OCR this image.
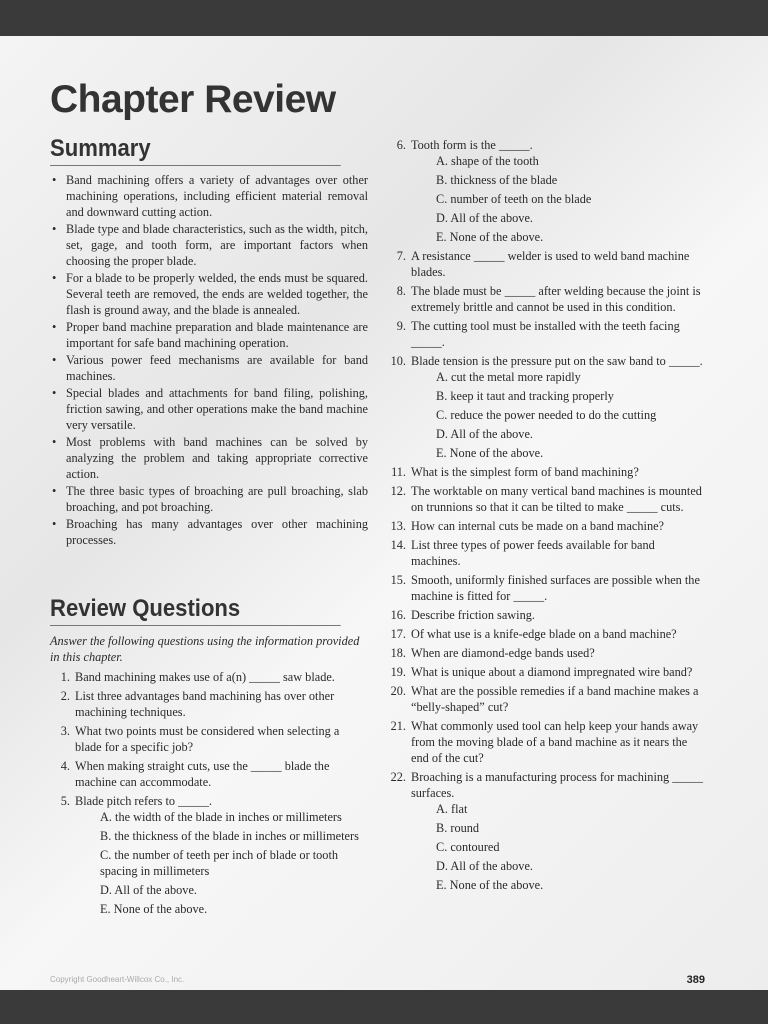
Chapter Review
Summary
• Band machining offers a variety of advantages over other machining operations, including efficient material removal and downward cutting action.
• Blade type and blade characteristics, such as the width, pitch, set, gage, and tooth form, are important factors when choosing the proper blade.
• For a blade to be properly welded, the ends must be squared. Several teeth are removed, the ends are welded together, the flash is ground away, and the blade is annealed.
• Proper band machine preparation and blade maintenance are important for safe band machining operation.
• Various power feed mechanisms are available for band machines.
• Special blades and attachments for band filing, polishing, friction sawing, and other operations make the band machine very versatile.
• Most problems with band machines can be solved by analyzing the problem and taking appropriate corrective action.
• The three basic types of broaching are pull broaching, slab broaching, and pot broaching.
• Broaching has many advantages over other machining processes.
Review Questions
Answer the following questions using the information provided in this chapter.
1. Band machining makes use of a(n) _____ saw blade.
2. List three advantages band machining has over other machining techniques.
3. What two points must be considered when selecting a blade for a specific job?
4. When making straight cuts, use the _____ blade the machine can accommodate.
5. Blade pitch refers to _____.
A. the width of the blade in inches or millimeters
B. the thickness of the blade in inches or millimeters
C. the number of teeth per inch of blade or tooth spacing in millimeters
D. All of the above.
E. None of the above.
6. Tooth form is the _____.
A. shape of the tooth
B. thickness of the blade
C. number of teeth on the blade
D. All of the above.
E. None of the above.
7. A resistance _____ welder is used to weld band machine blades.
8. The blade must be _____ after welding because the joint is extremely brittle and cannot be used in this condition.
9. The cutting tool must be installed with the teeth facing _____.
10. Blade tension is the pressure put on the saw band to _____.
A. cut the metal more rapidly
B. keep it taut and tracking properly
C. reduce the power needed to do the cutting
D. All of the above.
E. None of the above.
11. What is the simplest form of band machining?
12. The worktable on many vertical band machines is mounted on trunnions so that it can be tilted to make _____ cuts.
13. How can internal cuts be made on a band machine?
14. List three types of power feeds available for band machines.
15. Smooth, uniformly finished surfaces are possible when the machine is fitted for _____.
16. Describe friction sawing.
17. Of what use is a knife-edge blade on a band machine?
18. When are diamond-edge bands used?
19. What is unique about a diamond impregnated wire band?
20. What are the possible remedies if a band machine makes a “belly-shaped” cut?
21. What commonly used tool can help keep your hands away from the moving blade of a band machine as it nears the end of the cut?
22. Broaching is a manufacturing process for machining _____ surfaces.
A. flat
B. round
C. contoured
D. All of the above.
E. None of the above.
Copyright Goodheart-Willcox Co., Inc.	389
